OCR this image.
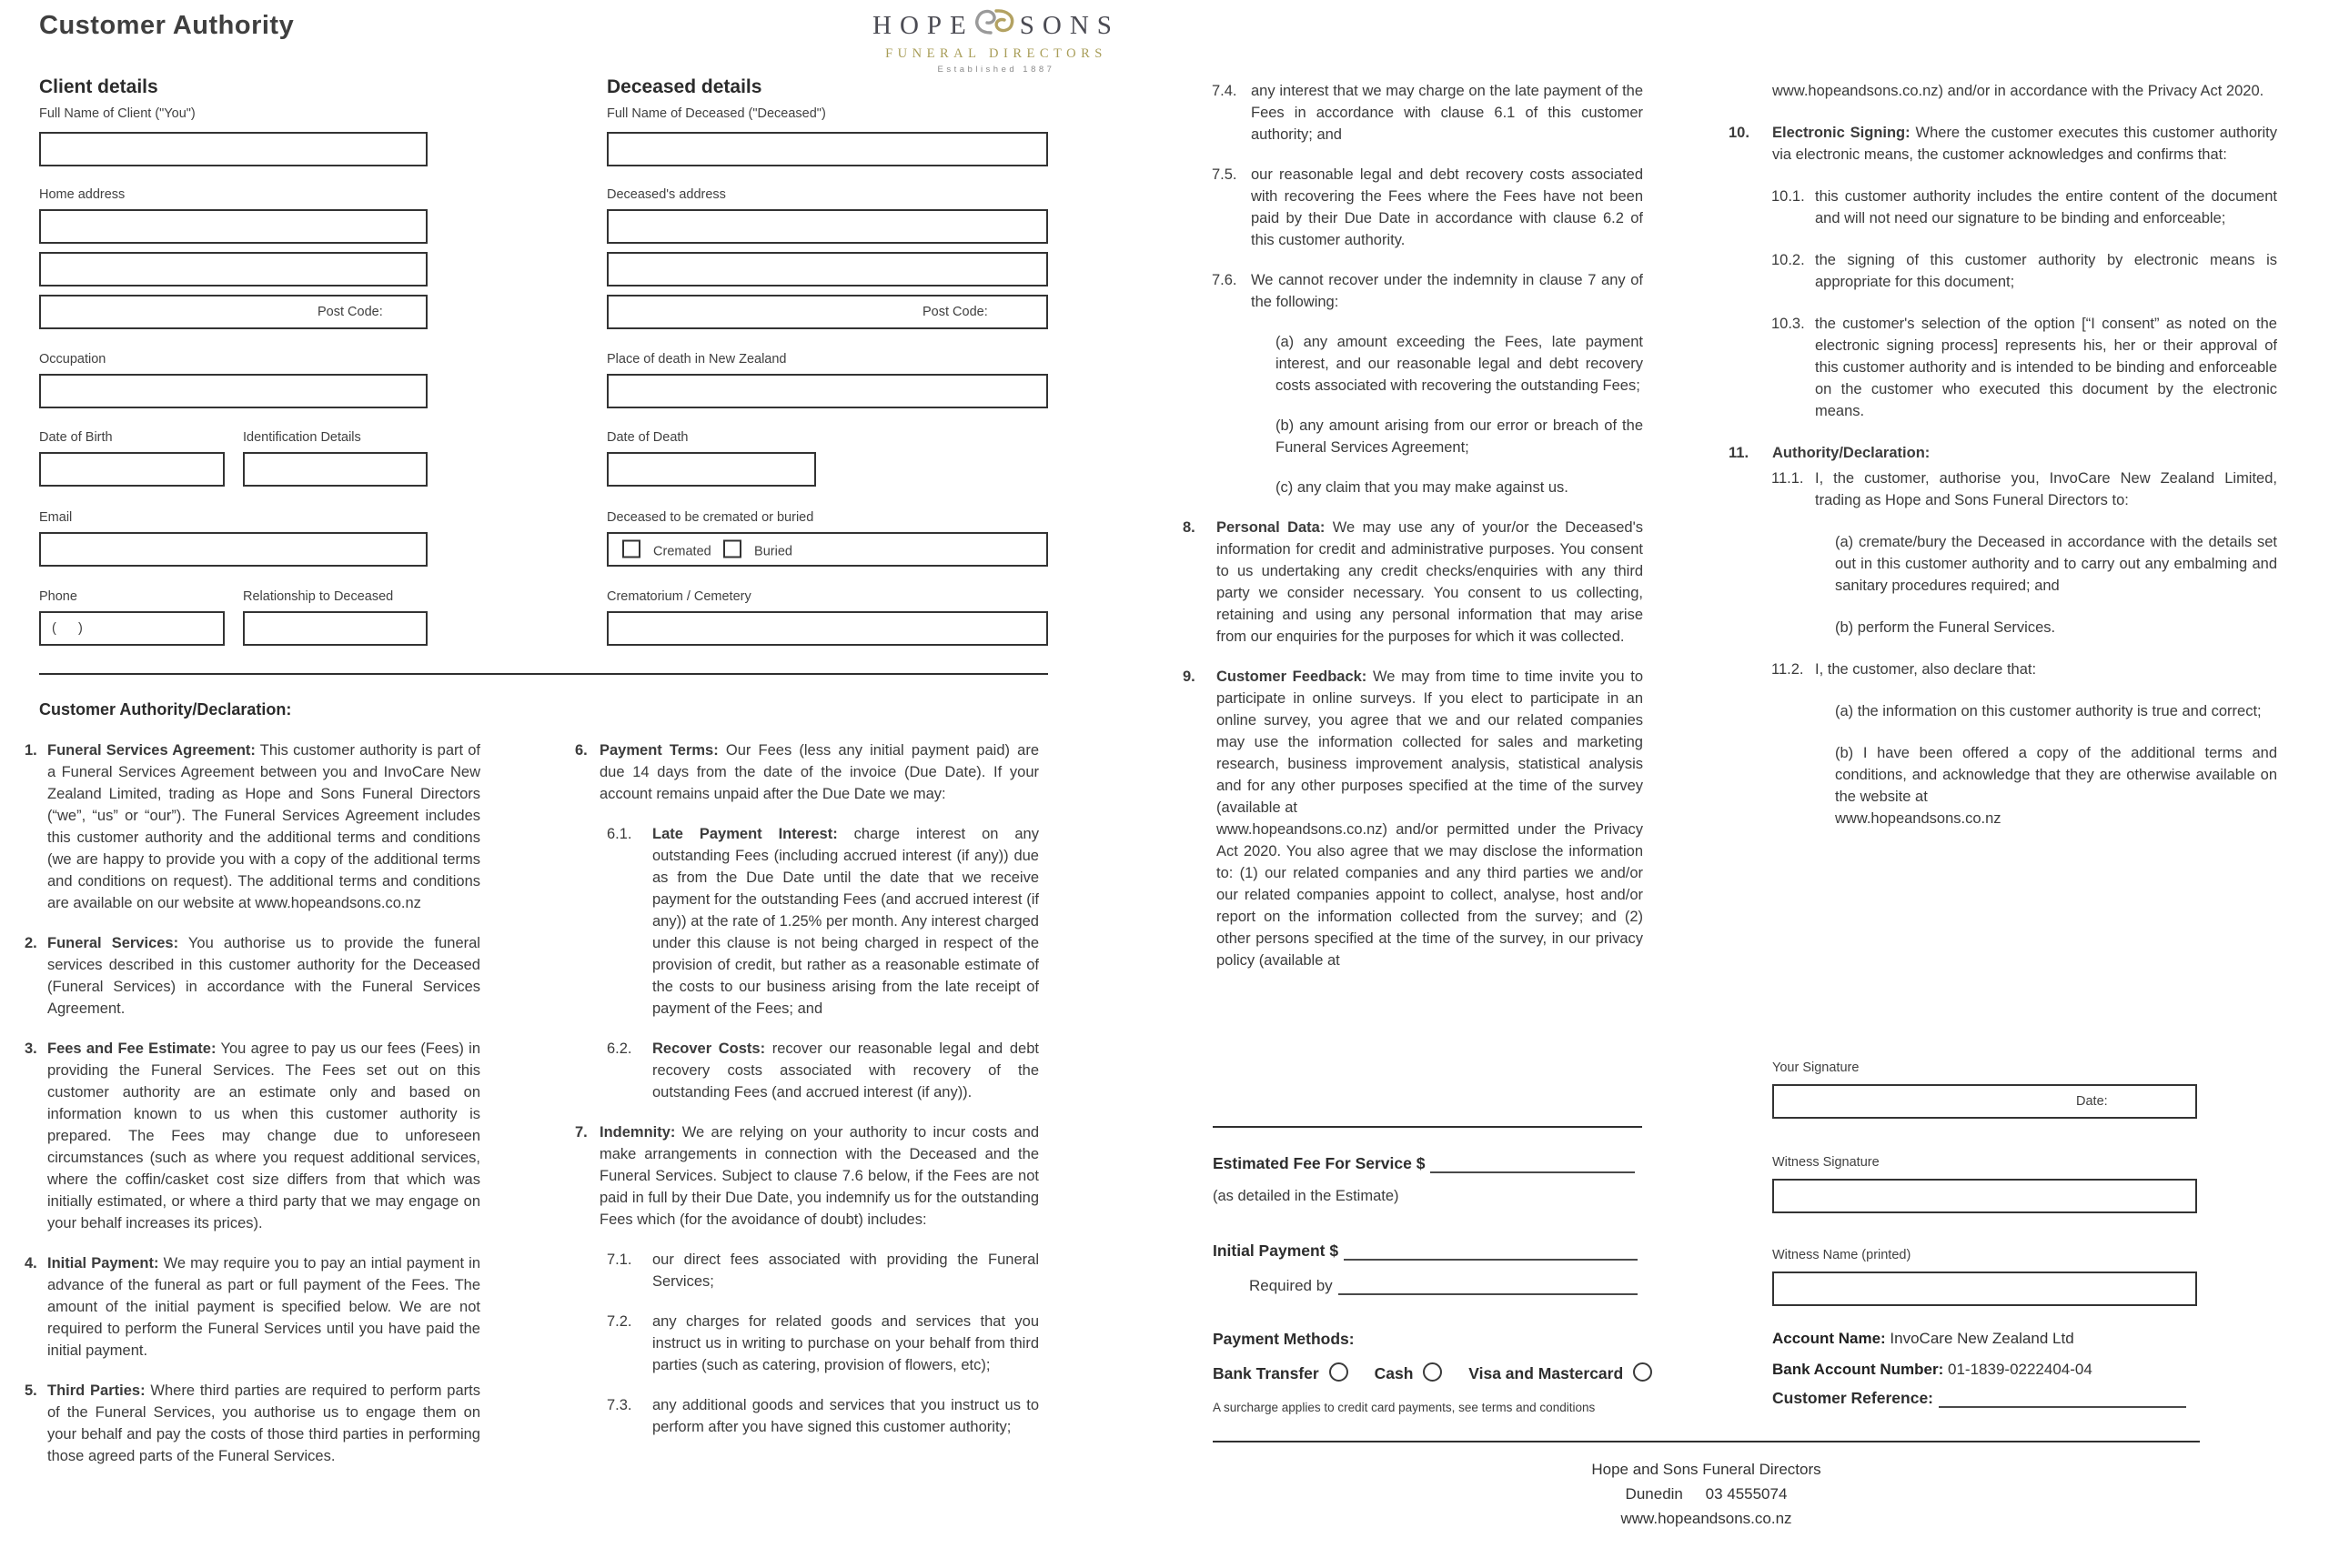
Customer Authority	HOPE SONS
FUNERAL DIRECTORS
Established 1887
Client details
Full Name of Client ("You")
Home address
Post Code:
Occupation
Date of Birth	Identification Details
Email
Phone	Relationship to Deceased
(      )
Deceased details
Full Name of Deceased ("Deceased")
Deceased's address
Post Code:
Place of death in New Zealand
Date of Death
Deceased to be cremated or buried
Cremated	Buried
Crematorium / Cemetery
Customer Authority/Declaration:

1. Funeral Services Agreement: This customer authority is part of a Funeral Services Agreement between you and InvoCare New Zealand Limited, trading as Hope and Sons Funeral Directors (“we”, “us” or “our”). The Funeral Services Agreement includes this customer authority and the additional terms and conditions (we are happy to provide you with a copy of the additional terms and conditions on request). The additional terms and conditions are available on our website at www.hopeandsons.co.nz

2. Funeral Services: You authorise us to provide the funeral services described in this customer authority for the Deceased (Funeral Services) in accordance with the Funeral Services Agreement.

3. Fees and Fee Estimate: You agree to pay us our fees (Fees) in providing the Funeral Services. The Fees set out on this customer authority are an estimate only and based on information known to us when this customer authority is prepared. The Fees may change due to unforeseen circumstances (such as where you request additional services, where the coffin/casket cost size differs from that which was initially estimated, or where a third party that we may engage on your behalf increases its prices).

4. Initial Payment: We may require you to pay an intial payment in advance of the funeral as part or full payment of the Fees. The amount of the initial payment is specified below. We are not required to perform the Funeral Services until you have paid the initial payment.

5. Third Parties: Where third parties are required to perform parts of the Funeral Services, you authorise us to engage them on your behalf and pay the costs of those third parties in performing those agreed parts of the Funeral Services.

6. Payment Terms: Our Fees (less any initial payment paid) are due 14 days from the date of the invoice (Due Date). If your account remains unpaid after the Due Date we may:

6.1. Late Payment Interest: charge interest on any outstanding Fees (including accrued interest (if any)) due as from the Due Date until the date that we receive payment for the outstanding Fees (and accrued interest (if any)) at the rate of 1.25% per month. Any interest charged under this clause is not being charged in respect of the provision of credit, but rather as a reasonable estimate of the costs to our business arising from the late receipt of payment of the Fees; and

6.2. Recover Costs: recover our reasonable legal and debt recovery costs associated with recovery of the outstanding Fees (and accrued interest (if any)).

7. Indemnity: We are relying on your authority to incur costs and make arrangements in connection with the Deceased and the Funeral Services. Subject to clause 7.6 below, if the Fees are not paid in full by their Due Date, you indemnify us for the outstanding Fees which (for the avoidance of doubt) includes:

7.1. our direct fees associated with providing the Funeral Services;

7.2. any charges for related goods and services that you instruct us in writing to purchase on your behalf from third parties (such as catering, provision of flowers, etc);

7.3. any additional goods and services that you instruct us to perform after you have signed this customer authority;

7.4. any interest that we may charge on the late payment of the Fees in accordance with clause 6.1 of this customer authority; and

7.5. our reasonable legal and debt recovery costs associated with recovering the Fees where the Fees have not been paid by their Due Date in accordance with clause 6.2 of this customer authority.

7.6. We cannot recover under the indemnity in clause 7 any of the following:

(a) any amount exceeding the Fees, late payment interest, and our reasonable legal and debt recovery costs associated with recovering the outstanding Fees;

(b) any amount arising from our error or breach of the Funeral Services Agreement;

(c) any claim that you may make against us.

8. Personal Data: We may use any of your/or the Deceased's information for credit and administrative purposes. You consent to us undertaking any credit checks/enquiries with any third party we consider necessary. You consent to us collecting, retaining and using any personal information that may arise from our enquiries for the purposes for which it was collected.

9. Customer Feedback: We may from time to time invite you to participate in online surveys. If you elect to participate in an online survey, you agree that we and our related companies may use the information collected for sales and marketing research, business improvement analysis, statistical analysis and for any other purposes specified at the time of the survey (available at
www.hopeandsons.co.nz) and/or permitted under the Privacy Act 2020. You also agree that we may disclose the information to: (1) our related companies and any third parties we and/or our related companies appoint to collect, analyse, host and/or report on the information collected from the survey; and (2) other persons specified at the time of the survey, in our privacy policy (available at

www.hopeandsons.co.nz) and/or in accordance with the Privacy Act 2020.

10. Electronic Signing: Where the customer executes this customer authority via electronic means, the customer acknowledges and confirms that:

10.1. this customer authority includes the entire content of the document and will not need our signature to be binding and enforceable;

10.2. the signing of this customer authority by electronic means is appropriate for this document;

10.3. the customer's selection of the option [“I consent” as noted on the electronic signing process] represents his, her or their approval of this customer authority and is intended to be binding and enforceable on the customer who executed this document by the electronic means.

11. Authority/Declaration:

11.1. I, the customer, authorise you, InvoCare New Zealand Limited, trading as Hope and Sons Funeral Directors to:

(a) cremate/bury the Deceased in accordance with the details set out in this customer authority and to carry out any embalming and sanitary procedures required; and

(b) perform the Funeral Services.

11.2. I, the customer, also declare that:

(a) the information on this customer authority is true and correct;

(b) I have been offered a copy of the additional terms and conditions, and acknowledge that they are otherwise available on the website at
www.hopeandsons.co.nz

Estimated Fee For Service $
(as detailed in the Estimate)
Initial Payment $
Required by
Payment Methods:
Bank Transfer	Cash	Visa and Mastercard
A surcharge applies to credit card payments, see terms and conditions
Your Signature
Date:
Witness Signature
Witness Name (printed)
Account Name: InvoCare New Zealand Ltd
Bank Account Number: 01-1839-0222404-04
Customer Reference:
Hope and Sons Funeral Directors
Dunedin 03 4555074
www.hopeandsons.co.nz
